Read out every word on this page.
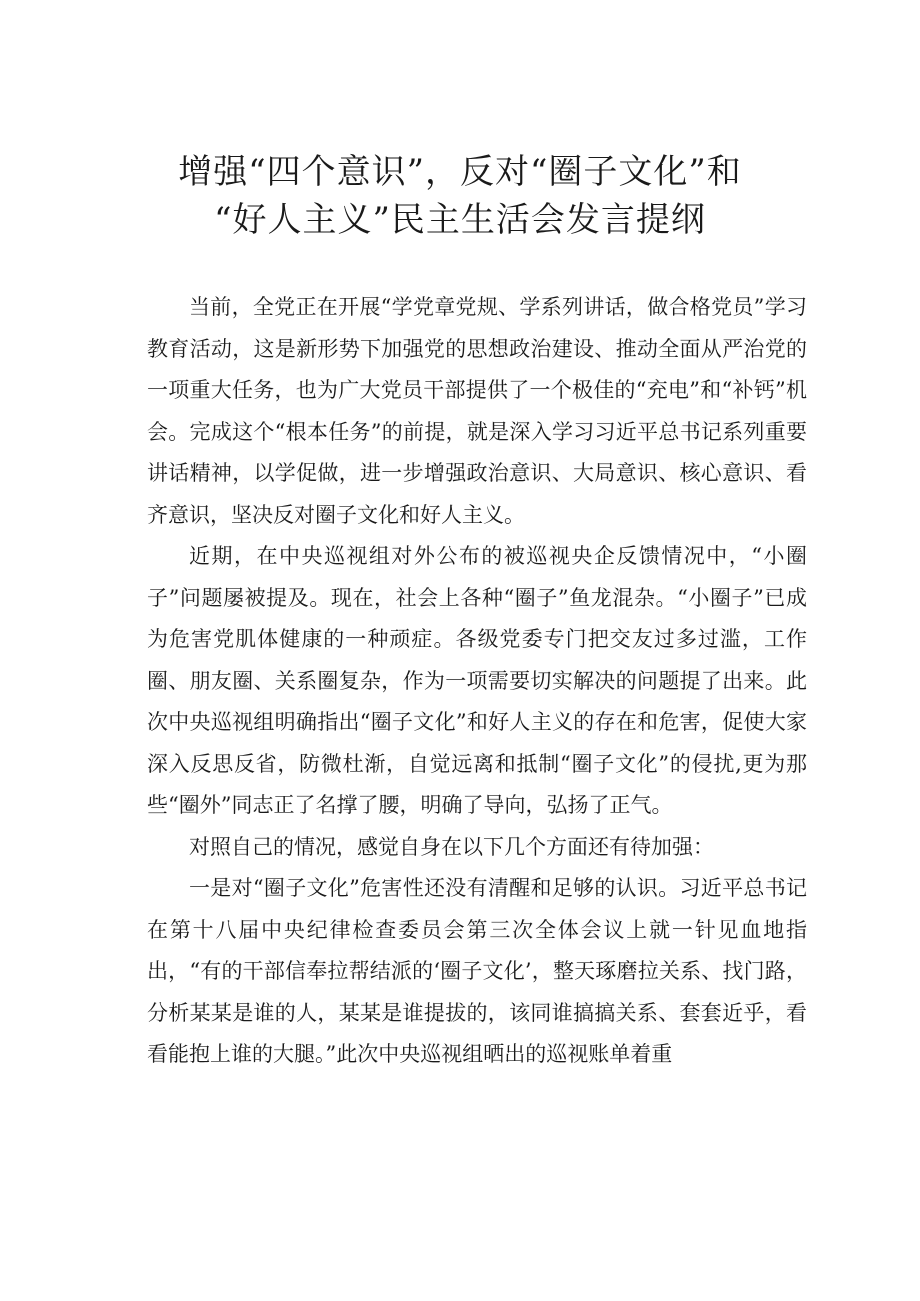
增强“四个意识”，反对“圈子文化”和
“好人主义”民主生活会发言提纲

当前，全党正在开展“学党章党规、学系列讲话，做合格党员”学习教育活动，这是新形势下加强党的思想政治建设、推动全面从严治党的一项重大任务，也为广大党员干部提供了一个极佳的“充电”和“补钙”机会。完成这个“根本任务”的前提，就是深入学习习近平总书记系列重要讲话精神，以学促做，进一步增强政治意识、大局意识、核心意识、看齐意识，坚决反对圈子文化和好人主义。

近期，在中央巡视组对外公布的被巡视央企反馈情况中，“小圈子”问题屡被提及。现在，社会上各种“圈子”鱼龙混杂。“小圈子”已成为危害党肌体健康的一种顽症。各级党委专门把交友过多过滥，工作圈、朋友圈、关系圈复杂，作为一项需要切实解决的问题提了出来。此次中央巡视组明确指出“圈子文化”和好人主义的存在和危害，促使大家深入反思反省，防微杜渐，自觉远离和抵制“圈子文化”的侵扰,更为那些“圈外”同志正了名撑了腰，明确了导向，弘扬了正气。

对照自己的情况，感觉自身在以下几个方面还有待加强：

一是对“圈子文化”危害性还没有清醒和足够的认识。习近平总书记在第十八届中央纪律检查委员会第三次全体会议上就一针见血地指出，“有的干部信奉拉帮结派的‘圈子文化’，整天琢磨拉关系、找门路，分析某某是谁的人，某某是谁提拔的，该同谁搞搞关系、套套近乎，看看能抱上谁的大腿。”此次中央巡视组晒出的巡视账单着重
